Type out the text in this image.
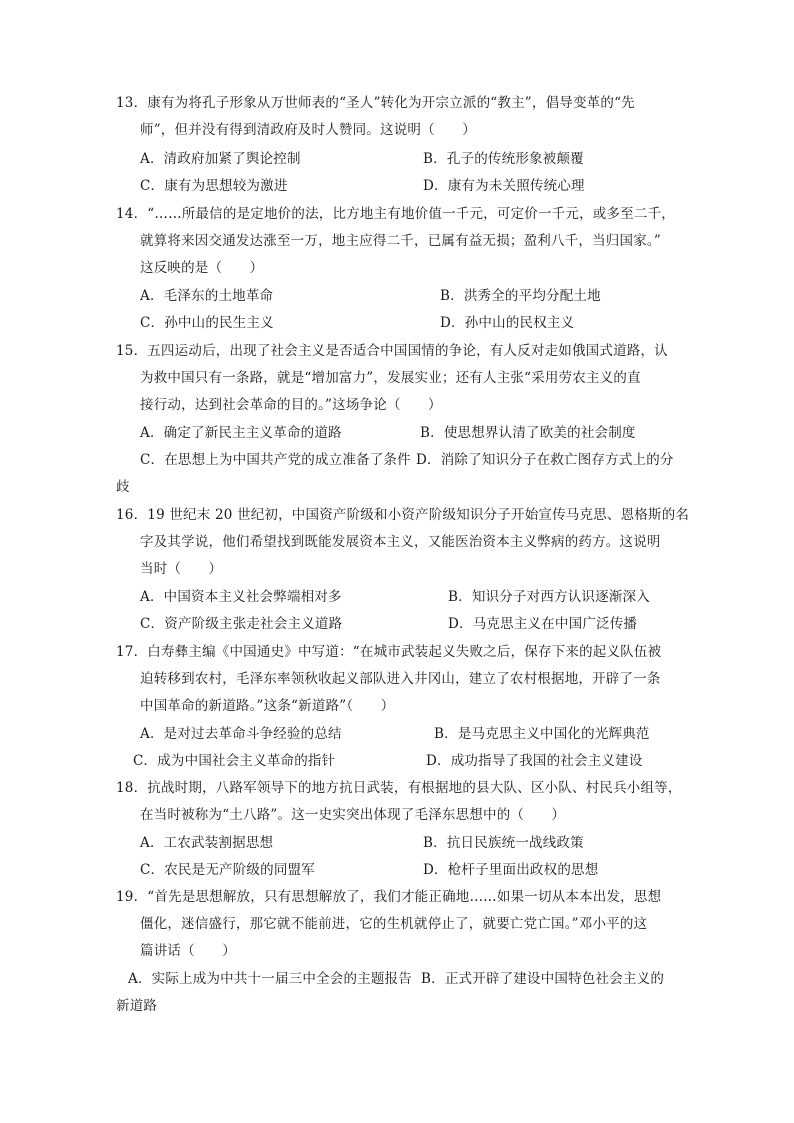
13．康有为将孔子形象从万世师表的“圣人”转化为开宗立派的“教主”，倡导变革的“先
师”，但并没有得到清政府及时人赞同。这说明（　　）
A．清政府加紧了舆论控制	B．孔子的传统形象被颠覆
C．康有为思想较为激进	D．康有为未关照传统心理
14．“……所最信的是定地价的法，比方地主有地价值一千元，可定价一千元，或多至二千，
就算将来因交通发达涨至一万，地主应得二千，已属有益无损；盈利八千，当归国家。”
这反映的是（　　）
A．毛泽东的土地革命	B．洪秀全的平均分配土地
C．孙中山的民生主义	D．孙中山的民权主义
15．五四运动后，出现了社会主义是否适合中国国情的争论，有人反对走如俄国式道路，认
为救中国只有一条路，就是“增加富力”，发展实业；还有人主张“采用劳农主义的直
接行动，达到社会革命的目的。”这场争论（　　）
A．确定了新民主主义革命的道路	B．使思想界认清了欧美的社会制度
C．在思想上为中国共产党的成立准备了条件 D．消除了知识分子在救亡图存方式上的分
歧
16．19 世纪末 20 世纪初，中国资产阶级和小资产阶级知识分子开始宣传马克思、恩格斯的名
字及其学说，他们希望找到既能发展资本主义，又能医治资本主义弊病的药方。这说明
当时（　　）
A．中国资本主义社会弊端相对多	B．知识分子对西方认识逐渐深入
C．资产阶级主张走社会主义道路	D．马克思主义在中国广泛传播
17．白寿彝主编《中国通史》中写道：“在城市武装起义失败之后，保存下来的起义队伍被
迫转移到农村，毛泽东率领秋收起义部队进入井冈山，建立了农村根据地，开辟了一条
中国革命的新道路。”这条“新道路”（　　）
A．是对过去革命斗争经验的总结	B．是马克思主义中国化的光辉典范
C．成为中国社会主义革命的指针	D．成功指导了我国的社会主义建设
18．抗战时期，八路军领导下的地方抗日武装，有根据地的县大队、区小队、村民兵小组等，
在当时被称为“土八路”。这一史实突出体现了毛泽东思想中的（　　）
A．工农武装割据思想	B．抗日民族统一战线政策
C．农民是无产阶级的同盟军	D．枪杆子里面出政权的思想
19．“首先是思想解放，只有思想解放了，我们才能正确地……如果一切从本本出发，思想
僵化，迷信盛行，那它就不能前进，它的生机就停止了，就要亡党亡国。”邓小平的这
篇讲话（　　）
A．实际上成为中共十一届三中全会的主题报告 B．正式开辟了建设中国特色社会主义的
新道路
